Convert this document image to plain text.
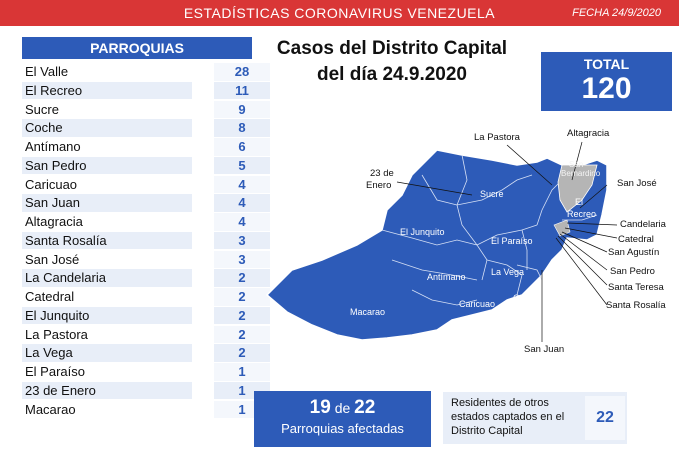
ESTADÍSTICAS CORONAVIRUS VENEZUELA	FECHA 24/9/2020
PARROQUIAS
El Valle	28
El Recreo	11
Sucre	9
Coche	8
Antímano	6
San Pedro	5
Caricuao	4
San Juan	4
Altagracia	4
Santa Rosalía	3
San José	3
La Candelaria	2
Catedral	2
El Junquito	2
La Pastora	2
La Vega	2
El Paraíso	1
23 de Enero	1
Macarao	1
Casos del Distrito Capital
del día 24.9.2020	TOTAL
120
El Junquito
Sucre
El Paraíso
La Vega
Antímano
Caricuao
Macarao
Coche El Valle
El
Recreo
San
Bernardino
La Pastora	Altagracia
23 de
Enero	San José
Candelaria
Catedral
San Agustín
San Pedro
Santa Teresa
Santa Rosalía
San Juan
19 de 22
Parroquias afectadas
Residentes de otros estados captados en el Distrito Capital
22
